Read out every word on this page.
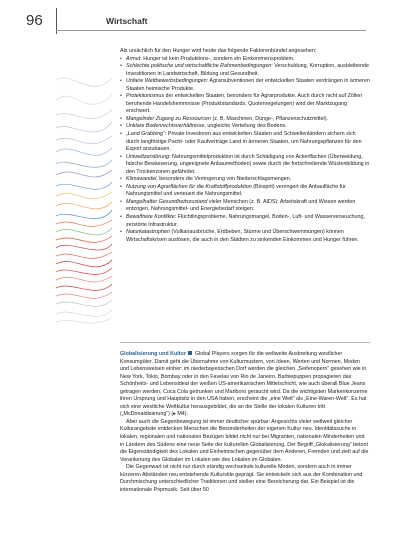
96	Wirtschaft
Als ursächlich für den Hunger wird heute das folgende Faktorenbündel angesehen:
• Armut: Hunger ist kein Produktions-, sondern ein Einkommensproblem.
• Schlechte politische und wirtschaftliche Rahmenbedingungen: Verschuldung, Korruption, ausbleibende Investitionen in Landwirtschaft, Bildung und Gesundheit.
• Unfaire Wettbewerbsbedingungen: Agrarsubventionen der entwickelten Staaten verdrängen in ärmeren Staaten heimische Produkte.
• Protektionismus der entwickelten Staaten, besonders für Agrarprodukte. Auch durch nicht auf Zöllen beruhende Handelshemmnisse (Produktstandards, Quotenregelungen) wird der Marktzugang erschwert.
• Mangelnder Zugang zu Ressourcen (z. B. Maschinen, Dünge-, Pflanzenschutzmittel).
• Unklare Bodenrechtsverhältnisse, ungleiche Verteilung des Bodens.
• „Land Grabbing“: Private Investoren aus entwickelten Staaten und Schwellenländern sichern sich durch langfristige Pacht- oder Kaufverträge Land in ärmeren Staaten, um Nahrungspflanzen für den Export anzubauen.
• Umweltzerstörung: Nahrungsmittelproduktion ist durch Schädigung von Ackerflächen (Überweidung, falsche Bewässerung, ungeeignete Anbaumethoden) sowie durch die fortschreitende Wüstenbildung in den Trockenzonen gefährdet.
• Klimawandel, besonders die Verringerung von Niederschlagsmengen.
• Nutzung von Agrarflächen für die Kraftstoffproduktion (Biosprit) verringert die Anbaufläche für Nahrungsmittel und verteuert die Nahrungsmittel.
• Mangelhafter Gesundheitszustand vieler Menschen (z. B. AIDS): Arbeitskraft und Wissen werden entzogen, Nahrungsmittel- und Energiebedarf steigen.
• Bewaffnete Konflikte: Flüchtlingsprobleme, Nahrungsmangel, Boden-, Luft- und Wasserverseuchung, zerstörte Infrastruktur.
• Naturkatastrophen (Vulkanausbrüche, Erdbeben, Stürme und Überschwemmungen) können Wirtschaftskrisen auslösen, die auch in den Städten zu sinkenden Einkommen und Hunger führen.

Globalisierung und Kultur Global Players sorgen für die weltweite Ausbreitung westlicher Konsumgüter. Damit geht die Übernahme von Kulturmustern, von Ideen, Werten und Normen, Moden und Lebensweisen einher: im niederbayerischen Dorf werden die gleichen „Seifenopern“ gesehen wie in New York, Tokio, Bombay oder in den Favelas von Rio de Janeiro. Barbiepuppen propagieren das Schönheits- und Lebensideal der weißen US-amerikanischen Mittelschicht, wie auch überall Blue Jeans getragen werden, Coca Cola getrunken und Marlboro geraucht wird. Da die wichtigsten Markenkonzerne ihren Ursprung und Hauptsitz in den USA haben, erscheint die „eine Welt“ als „Eine-Waren-Welt“. Es hat sich eine westliche Weltkultur herausgebildet, die an die Stelle der lokalen Kulturen tritt („McDonaldisierung“) (▸ M4).

Aber auch die Gegenbewegung ist immer deutlicher spürbar: Angesichts vieler weltweit gleicher Kulturangebote entdecken Menschen die Besonderheiten der eigenen Kultur neu. Identitätssuche in lokalen, regionalen und nationalen Bezügen bildet nicht nur bei Migranten, nationalen Minderheiten und in Ländern des Südens eine neue Seite der kulturellen Globalisierung. Der Begriff „Glokalisierung“ betont die Eigenständigkeit des Lokalen und Einheimischen gegenüber dem Anderen, Fremden und zielt auf die Verankerung des Globalen im Lokalen wie des Lokalen im Globalen.

Die Gegenwart ist nicht nur durch ständig wechselnde kulturelle Moden, sondern auch in immer kürzeren Abständen neu entstehende Kulturstile geprägt. Sie entwickeln sich aus der Kombination und Durchmischung unterschiedlicher Traditionen und stellen eine Bereicherung dar. Ein Beispiel ist die internationale Popmusik. Seit über 50
